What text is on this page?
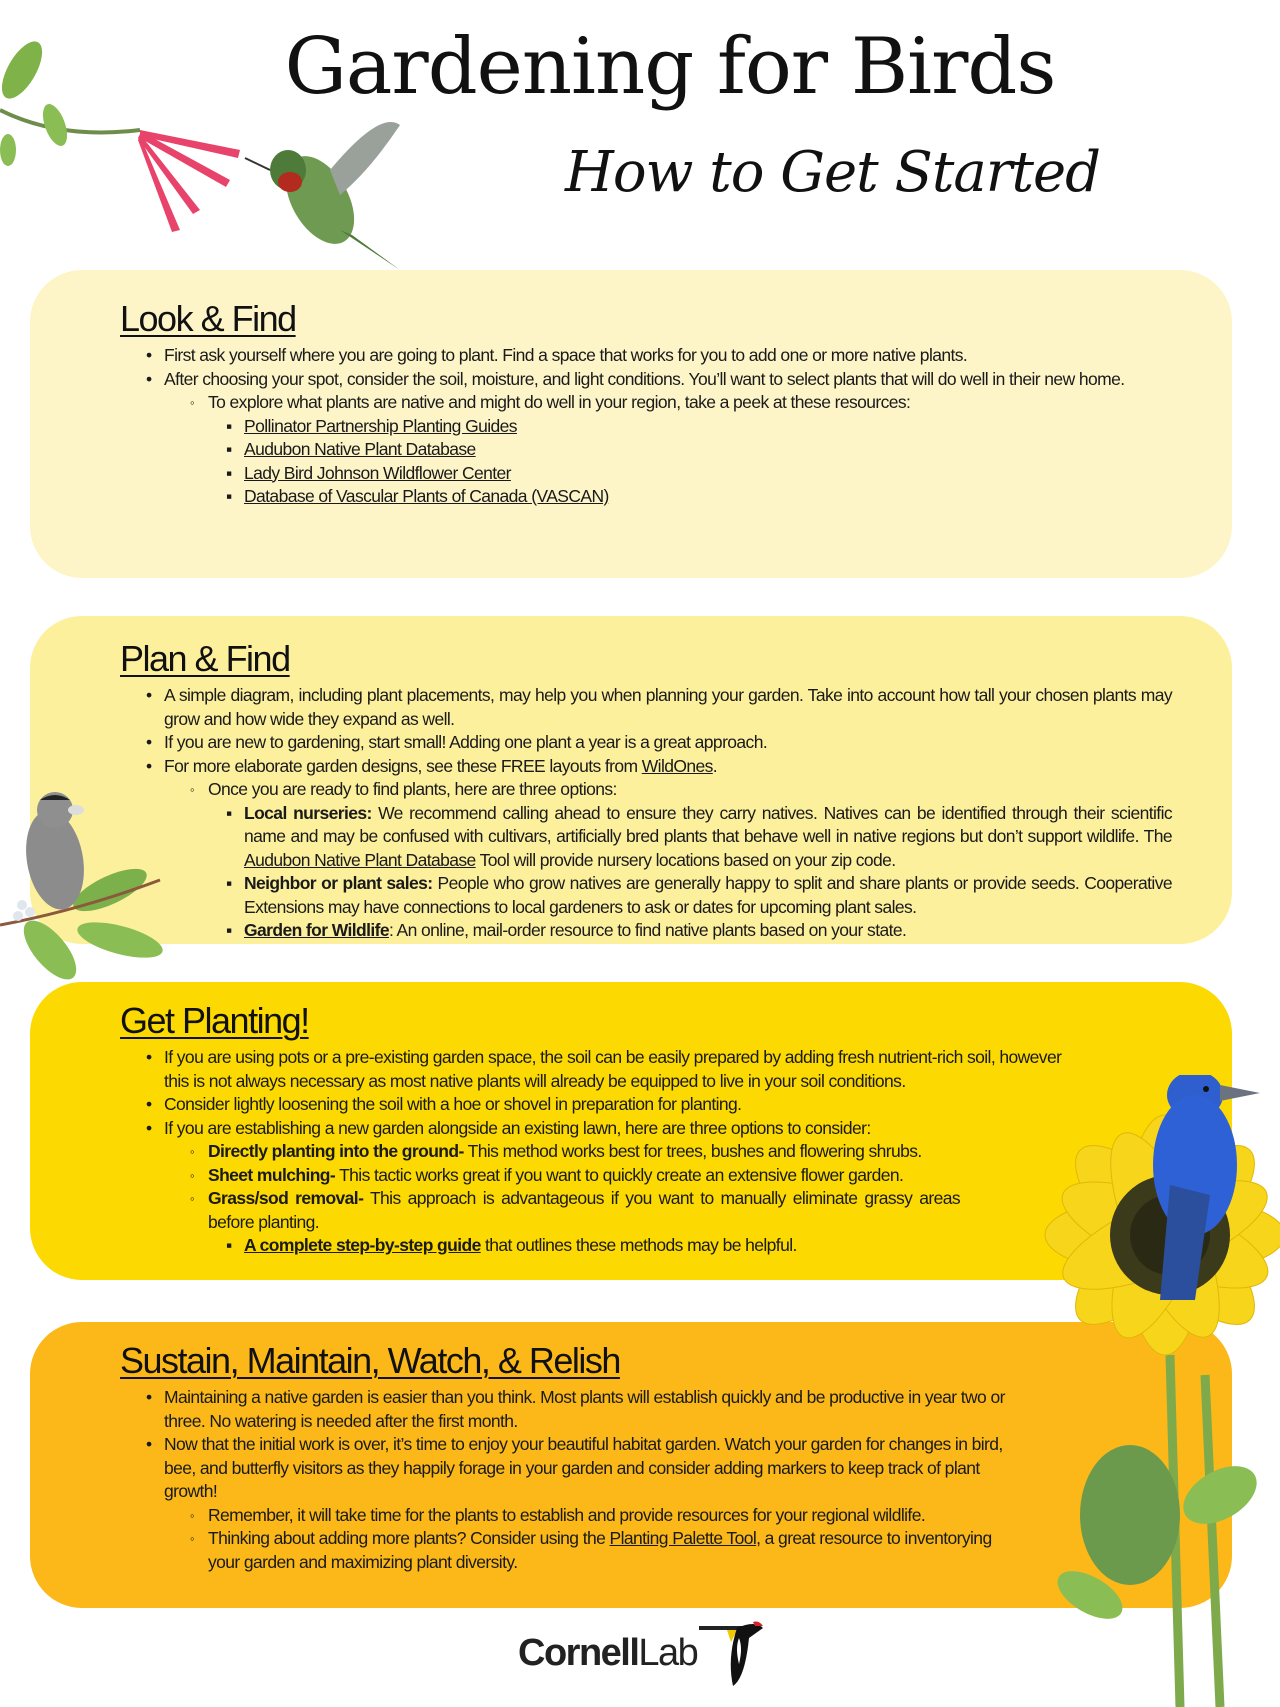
Gardening for Birds
How to Get Started
Look & Find
• First ask yourself where you are going to plant. Find a space that works for you to add one or more native plants.
• After choosing your spot, consider the soil, moisture, and light conditions. You’ll want to select plants that will do well in their new home.
◦ To explore what plants are native and might do well in your region, take a peek at these resources:
▪ Pollinator Partnership Planting Guides
▪ Audubon Native Plant Database
▪ Lady Bird Johnson Wildflower Center
▪ Database of Vascular Plants of Canada (VASCAN)
Plan & Find
• A simple diagram, including plant placements, may help you when planning your garden. Take into account how tall your chosen plants may grow and how wide they expand as well.
• If you are new to gardening, start small! Adding one plant a year is a great approach.
• For more elaborate garden designs, see these FREE layouts from WildOnes.
◦ Once you are ready to find plants, here are three options:
▪ Local nurseries: We recommend calling ahead to ensure they carry natives. Natives can be identified through their scientific name and may be confused with cultivars, artificially bred plants that behave well in native regions but don’t support wildlife. The Audubon Native Plant Database Tool will provide nursery locations based on your zip code.
▪ Neighbor or plant sales: People who grow natives are generally happy to split and share plants or provide seeds. Cooperative Extensions may have connections to local gardeners to ask or dates for upcoming plant sales.
▪ Garden for Wildlife: An online, mail-order resource to find native plants based on your state.
Get Planting!
• If you are using pots or a pre-existing garden space, the soil can be easily prepared by adding fresh nutrient-rich soil, however this is not always necessary as most native plants will already be equipped to live in your soil conditions.
• Consider lightly loosening the soil with a hoe or shovel in preparation for planting.
• If you are establishing a new garden alongside an existing lawn, here are three options to consider:
◦ Directly planting into the ground- This method works best for trees, bushes and flowering shrubs.
◦ Sheet mulching- This tactic works great if you want to quickly create an extensive flower garden.
◦ Grass/sod removal- This approach is advantageous if you want to manually eliminate grassy areas before planting.
▪ A complete step-by-step guide that outlines these methods may be helpful.
Sustain, Maintain, Watch, & Relish
• Maintaining a native garden is easier than you think. Most plants will establish quickly and be productive in year two or three. No watering is needed after the first month.
• Now that the initial work is over, it’s time to enjoy your beautiful habitat garden. Watch your garden for changes in bird, bee, and butterfly visitors as they happily forage in your garden and consider adding markers to keep track of plant growth!
◦ Remember, it will take time for the plants to establish and provide resources for your regional wildlife.
◦ Thinking about adding more plants? Consider using the Planting Palette Tool, a great resource to inventorying your garden and maximizing plant diversity.
CornellLab
